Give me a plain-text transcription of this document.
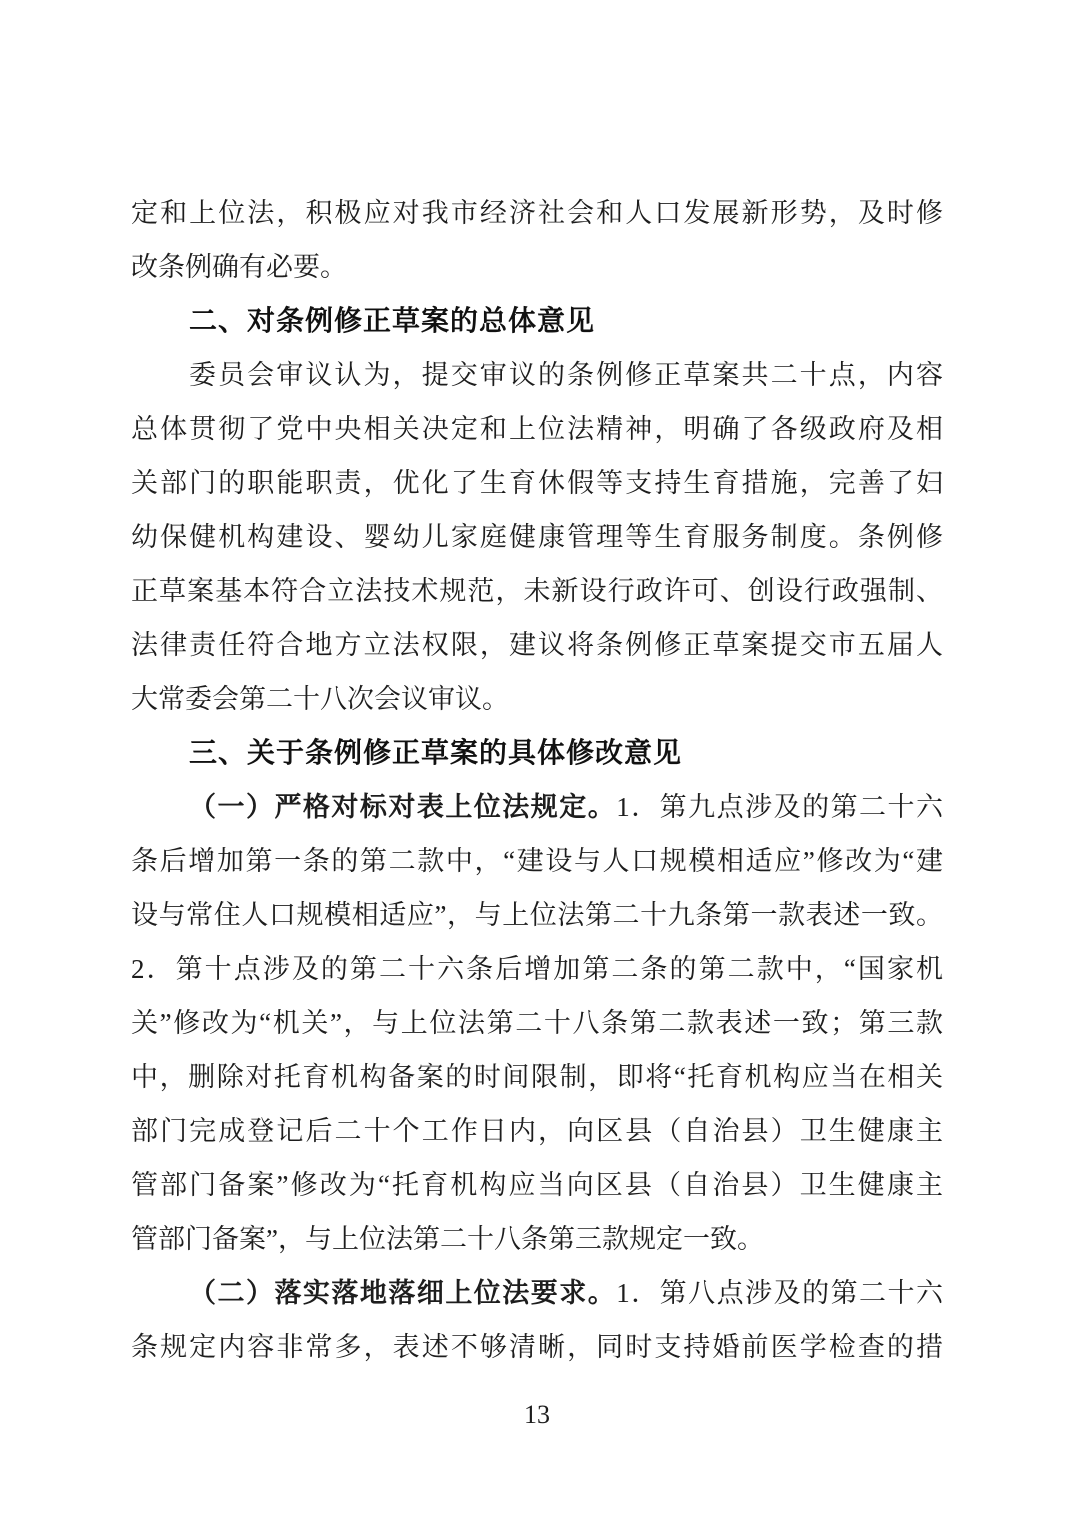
定和上位法，积极应对我市经济社会和人口发展新形势，及时修
改条例确有必要。
二、对条例修正草案的总体意见
委员会审议认为，提交审议的条例修正草案共二十点，内容
总体贯彻了党中央相关决定和上位法精神，明确了各级政府及相
关部门的职能职责，优化了生育休假等支持生育措施，完善了妇
幼保健机构建设、婴幼儿家庭健康管理等生育服务制度。条例修
正草案基本符合立法技术规范，未新设行政许可、创设行政强制、
法律责任符合地方立法权限，建议将条例修正草案提交市五届人
大常委会第二十八次会议审议。
三、关于条例修正草案的具体修改意见
（一）严格对标对表上位法规定。1．第九点涉及的第二十六
条后增加第一条的第二款中，“建设与人口规模相适应”修改为“建
设与常住人口规模相适应”，与上位法第二十九条第一款表述一致。
2．第十点涉及的第二十六条后增加第二条的第二款中，“国家机
关”修改为“机关”，与上位法第二十八条第二款表述一致；第三款
中，删除对托育机构备案的时间限制，即将“托育机构应当在相关
部门完成登记后二十个工作日内，向区县（自治县）卫生健康主
管部门备案”修改为“托育机构应当向区县（自治县）卫生健康主
管部门备案”，与上位法第二十八条第三款规定一致。
（二）落实落地落细上位法要求。1．第八点涉及的第二十六
条规定内容非常多，表述不够清晰，同时支持婚前医学检查的措
13
